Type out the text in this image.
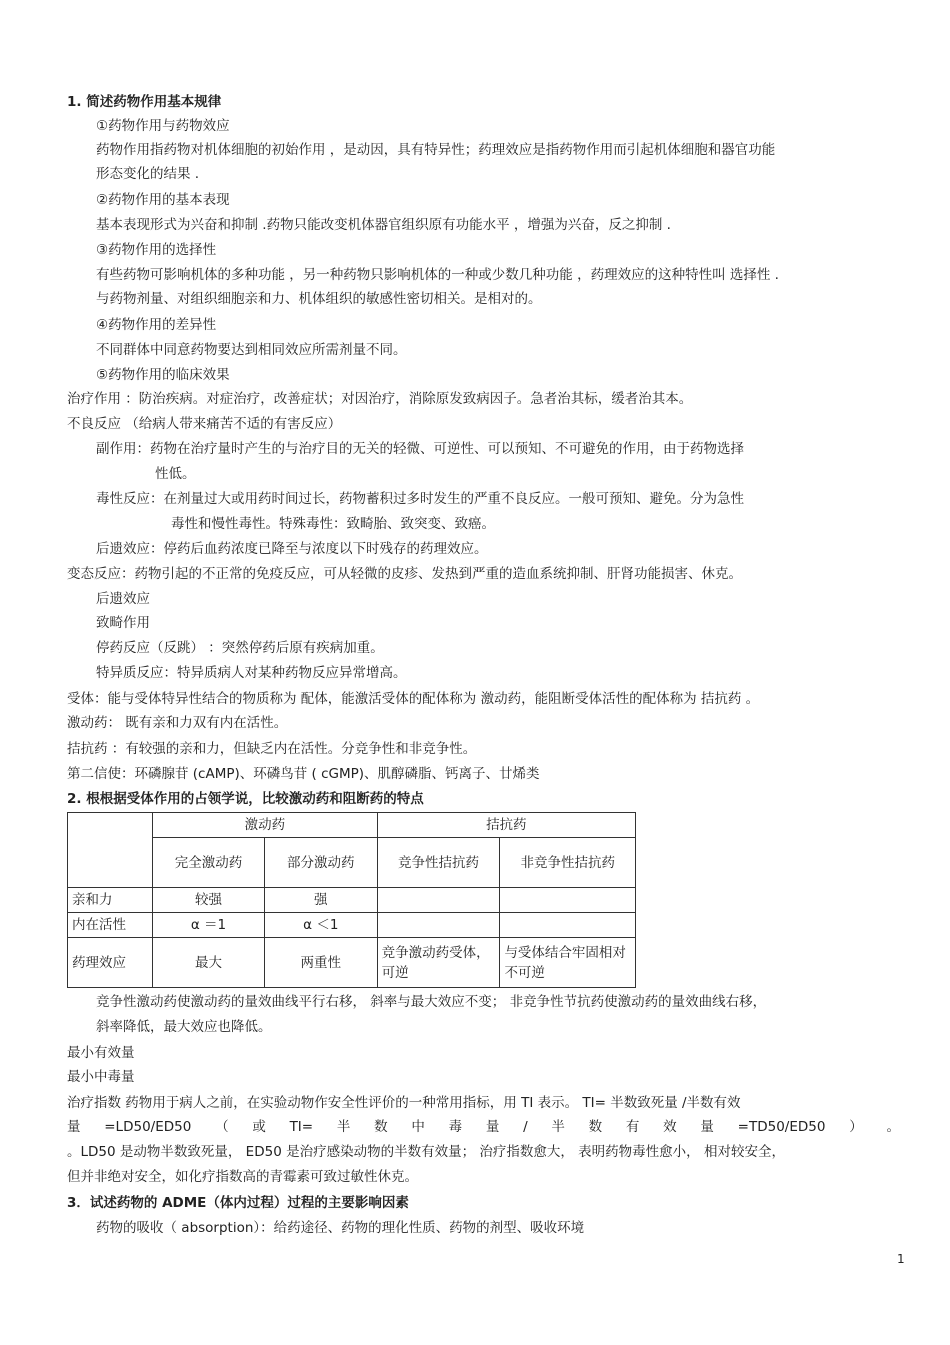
1. 简述药物作用基本规律
①药物作用与药物效应
药物作用指药物对机体细胞的初始作用 ，是动因，具有特异性；药理效应是指药物作用而引起机体细胞和器官功能
形态变化的结果 .
②药物作用的基本表现
基本表现形式为兴奋和抑制 .药物只能改变机体器官组织原有功能水平 ，增强为兴奋，反之抑制 .
③药物作用的选择性
有些药物可影响机体的多种功能 ，另一种药物只影响机体的一种或少数几种功能 ，药理效应的这种特性叫 选择性 .
与药物剂量、对组织细胞亲和力、机体组织的敏感性密切相关。是相对的。
④药物作用的差异性
不同群体中同意药物要达到相同效应所需剂量不同。
⑤药物作用的临床效果
治疗作用 ：防治疾病。对症治疗，改善症状；对因治疗，消除原发致病因子。急者治其标，缓者治其本。
不良反应 （给病人带来痛苦不适的有害反应）
副作用：药物在治疗量时产生的与治疗目的无关的轻微、可逆性、可以预知、不可避免的作用，由于药物选择
性低。
毒性反应：在剂量过大或用药时间过长，药物蓄积过多时发生的严重不良反应。一般可预知、避免。分为急性
毒性和慢性毒性。特殊毒性：致畸胎、致突变、致癌。
后遗效应：停药后血药浓度已降至与浓度以下时残存的药理效应。
变态反应：药物引起的不正常的免疫反应，可从轻微的皮疹、发热到严重的造血系统抑制、肝肾功能损害、休克。
后遗效应
致畸作用
停药反应（反跳） ：突然停药后原有疾病加重。
特异质反应：特异质病人对某种药物反应异常增高。
受体：能与受体特异性结合的物质称为 配体，能激活受体的配体称为 激动药，能阻断受体活性的配体称为 拮抗药 。
激动药： 既有亲和力双有内在活性。
拮抗药 ：有较强的亲和力，但缺乏内在活性。分竞争性和非竞争性。
第二信使：环磷腺苷 (cAMP)、环磷鸟苷 ( cGMP)、肌醇磷脂、钙离子、廿烯类
2. 根根据受体作用的占领学说，比较激动药和阻断药的特点
	激动药		拮抗药	
	完全激动药	部分激动药	竞争性拮抗药	非竞争性拮抗药
亲和力	较强	强		
内在活性	α ＝1	α ＜1		
药理效应	最大	两重性	竞争激动药受体，可逆	与受体结合牢固相对不可逆
竞争性激动药使激动药的量效曲线平行右移， 斜率与最大效应不变； 非竞争性节抗药使激动药的量效曲线右移，
斜率降低，最大效应也降低。
最小有效量
最小中毒量
治疗指数 药物用于病人之前，在实验动物作安全性评价的一种常用指标，用 TI 表示。 TI= 半数致死量 /半数有效
量 =LD50/ED50 （ 或 TI= 半 数 中 毒 量 / 半 数 有 效 量 =TD50/ED50 ） 。
。LD50 是动物半数致死量， ED50 是治疗感染动物的半数有效量； 治疗指数愈大， 表明药物毒性愈小， 相对较安全，
但并非绝对安全，如化疗指数高的青霉素可致过敏性休克。
3．试述药物的 ADME（体内过程）过程的主要影响因素
药物的吸收（ absorption）：给药途径、药物的理化性质、药物的剂型、吸收环境
1
